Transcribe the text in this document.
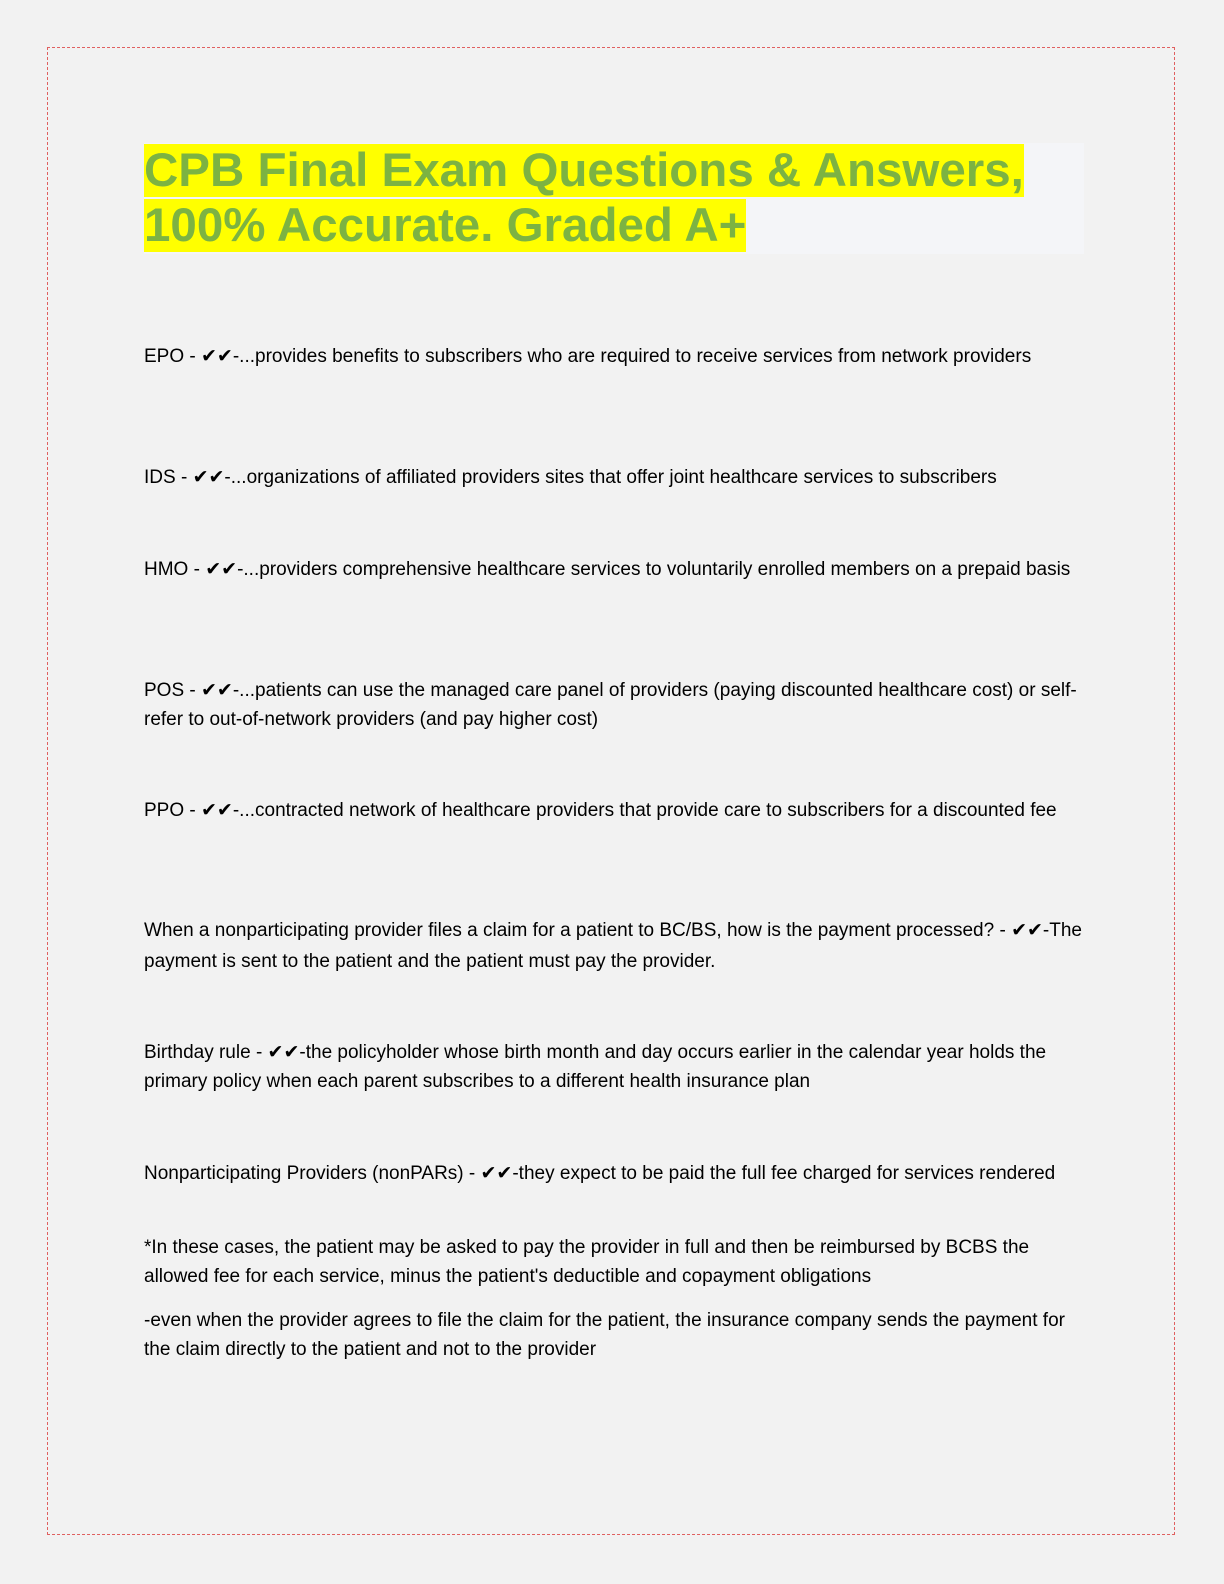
CPB Final Exam Questions & Answers,
100% Accurate. Graded A+

EPO - ✔✔-...provides benefits to subscribers who are required to receive services from network providers

IDS - ✔✔-...organizations of affiliated providers sites that offer joint healthcare services to subscribers

HMO - ✔✔-...providers comprehensive healthcare services to voluntarily enrolled members on a prepaid basis

POS - ✔✔-...patients can use the managed care panel of providers (paying discounted healthcare cost) or self-refer to out-of-network providers (and pay higher cost)

PPO - ✔✔-...contracted network of healthcare providers that provide care to subscribers for a discounted fee

When a nonparticipating provider files a claim for a patient to BC/BS, how is the payment processed? - ✔✔-The payment is sent to the patient and the patient must pay the provider.

Birthday rule - ✔✔-the policyholder whose birth month and day occurs earlier in the calendar year holds the primary policy when each parent subscribes to a different health insurance plan

Nonparticipating Providers (nonPARs) - ✔✔-they expect to be paid the full fee charged for services rendered

*In these cases, the patient may be asked to pay the provider in full and then be reimbursed by BCBS the allowed fee for each service, minus the patient's deductible and copayment obligations

-even when the provider agrees to file the claim for the patient, the insurance company sends the payment for the claim directly to the patient and not to the provider
